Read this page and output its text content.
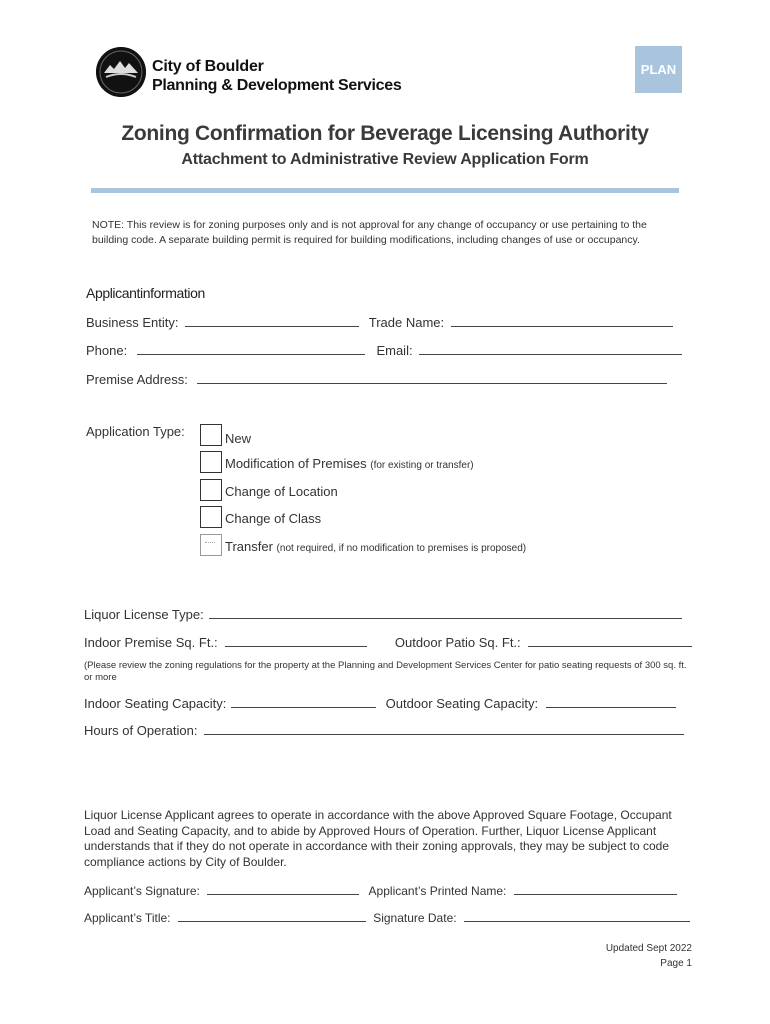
City of Boulder
Planning & Development Services
PLAN
Zoning Confirmation for Beverage Licensing Authority
Attachment to Administrative Review Application Form
NOTE: This review is for zoning purposes only and is not approval for any change of occupancy or use pertaining to the building code. A separate building permit is required for building modifications, including changes of use or occupancy.
Applicantinformation
Business Entity:	Trade Name:
Phone:	Email:
Premise Address:
Application Type:	New
Modification of Premises (for existing or transfer)
Change of Location
Change of Class
Transfer (not required, if no modification to premises is proposed)
Liquor License Type:
Indoor Premise Sq. Ft.:	Outdoor Patio Sq. Ft.:
(Please review the zoning regulations for the property at the Planning and Development Services Center for patio seating requests of 300 sq. ft. or more
Indoor Seating Capacity:	Outdoor Seating Capacity:
Hours of Operation:
Liquor License Applicant agrees to operate in accordance with the above Approved Square Footage, Occupant Load and Seating Capacity, and to abide by Approved Hours of Operation. Further, Liquor License Applicant understands that if they do not operate in accordance with their zoning approvals, they may be subject to code compliance actions by City of Boulder.
Applicant’s Signature:	Applicant’s Printed Name:
Applicant’s Title:	Signature Date:
Updated Sept 2022
Page 1
